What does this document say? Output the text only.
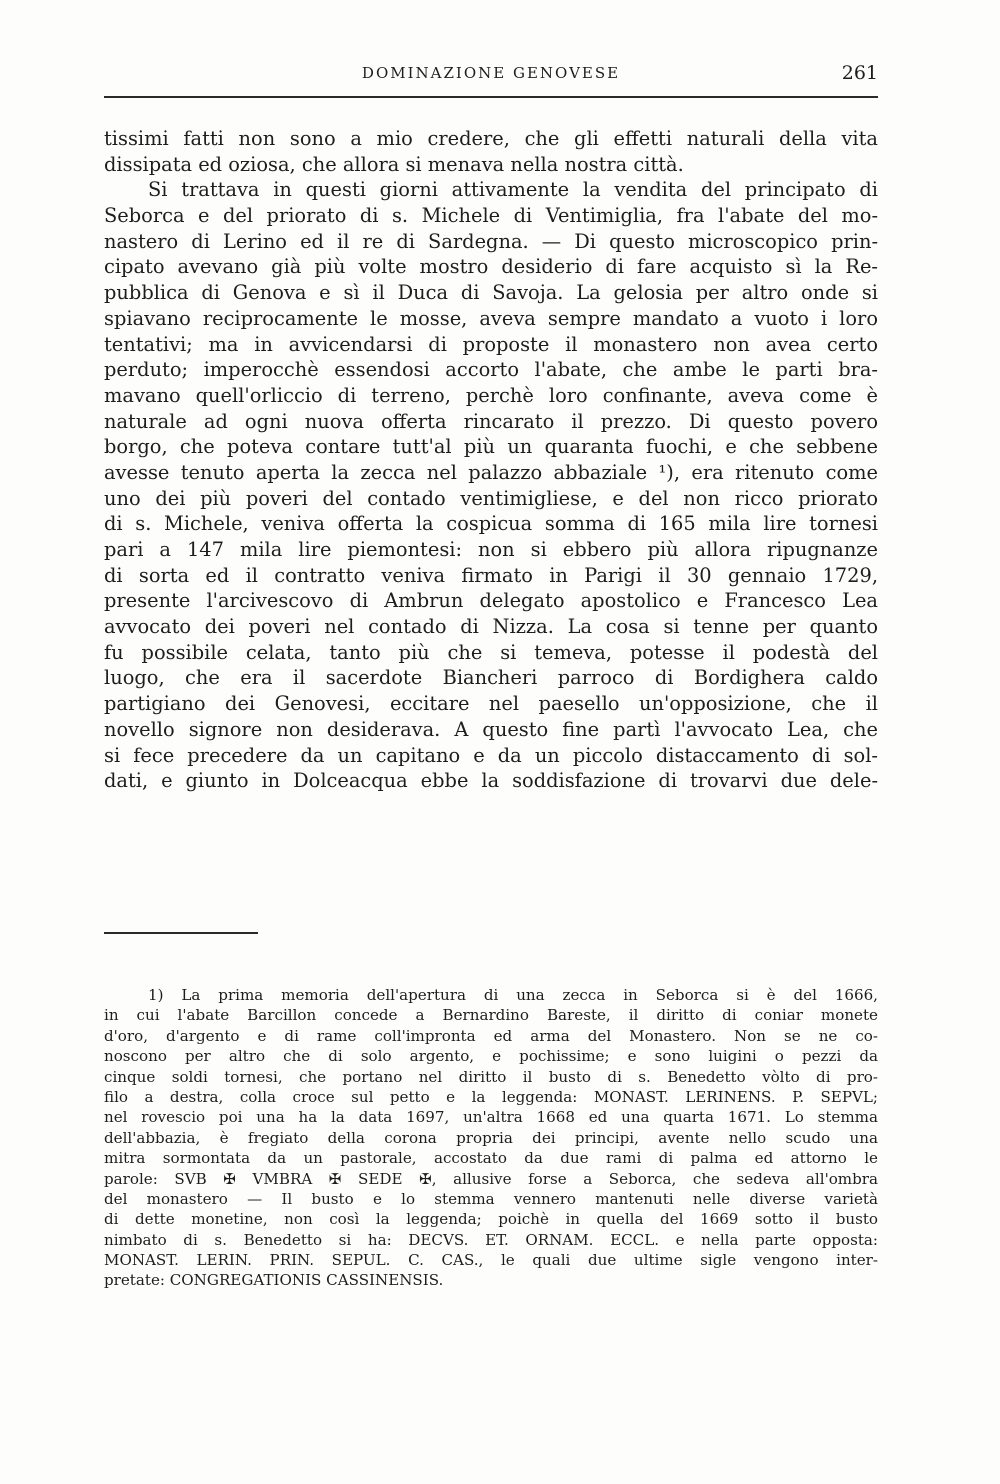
DOMINAZIONE GENOVESE	261
tissimi fatti non sono a mio credere, che gli effetti naturali della vita
dissipata ed oziosa, che allora si menava nella nostra città.
Si trattava in questi giorni attivamente la vendita del principato di
Seborca e del priorato di s. Michele di Ventimiglia, fra l'abate del mo-
nastero di Lerino ed il re di Sardegna. — Di questo microscopico prin-
cipato avevano già più volte mostro desiderio di fare acquisto sì la Re-
pubblica di Genova e sì il Duca di Savoja. La gelosia per altro onde si
spiavano reciprocamente le mosse, aveva sempre mandato a vuoto i loro
tentativi; ma in avvicendarsi di proposte il monastero non avea certo
perduto; imperocchè essendosi accorto l'abate, che ambe le parti bra-
mavano quell'orliccio di terreno, perchè loro confinante, aveva come è
naturale ad ogni nuova offerta rincarato il prezzo. Di questo povero
borgo, che poteva contare tutt'al più un quaranta fuochi, e che sebbene
avesse tenuto aperta la zecca nel palazzo abbaziale ¹), era ritenuto come
uno dei più poveri del contado ventimigliese, e del non ricco priorato
di s. Michele, veniva offerta la cospicua somma di 165 mila lire tornesi
pari a 147 mila lire piemontesi: non si ebbero più allora ripugnanze
di sorta ed il contratto veniva firmato in Parigi il 30 gennaio 1729,
presente l'arcivescovo di Ambrun delegato apostolico e Francesco Lea
avvocato dei poveri nel contado di Nizza. La cosa si tenne per quanto
fu possibile celata, tanto più che si temeva, potesse il podestà del
luogo, che era il sacerdote Biancheri parroco di Bordighera caldo
partigiano dei Genovesi, eccitare nel paesello un'opposizione, che il
novello signore non desiderava. A questo fine partì l'avvocato Lea, che
si fece precedere da un capitano e da un piccolo distaccamento di sol-
dati, e giunto in Dolceacqua ebbe la soddisfazione di trovarvi due dele-
1) La prima memoria dell'apertura di una zecca in Seborca si è del 1666,
in cui l'abate Barcillon concede a Bernardino Bareste, il diritto di coniar monete
d'oro, d'argento e di rame coll'impronta ed arma del Monastero. Non se ne co-
noscono per altro che di solo argento, e pochissime; e sono luigini o pezzi da
cinque soldi tornesi, che portano nel diritto il busto di s. Benedetto vòlto di pro-
filo a destra, colla croce sul petto e la leggenda: MONAST. LERINENS. P. SEPVL;
nel rovescio poi una ha la data 1697, un'altra 1668 ed una quarta 1671. Lo stemma
dell'abbazia, è fregiato della corona propria dei principi, avente nello scudo una
mitra sormontata da un pastorale, accostato da due rami di palma ed attorno le
parole: SVB ✠ VMBRA ✠ SEDE ✠, allusive forse a Seborca, che sedeva all'ombra
del monastero — Il busto e lo stemma vennero mantenuti nelle diverse varietà
di dette monetine, non così la leggenda; poichè in quella del 1669 sotto il busto
nimbato di s. Benedetto si ha: DECVS. ET. ORNAM. ECCL. e nella parte opposta:
MONAST. LERIN. PRIN. SEPUL. C. CAS., le quali due ultime sigle vengono inter-
pretate: CONGREGATIONIS CASSINENSIS.
